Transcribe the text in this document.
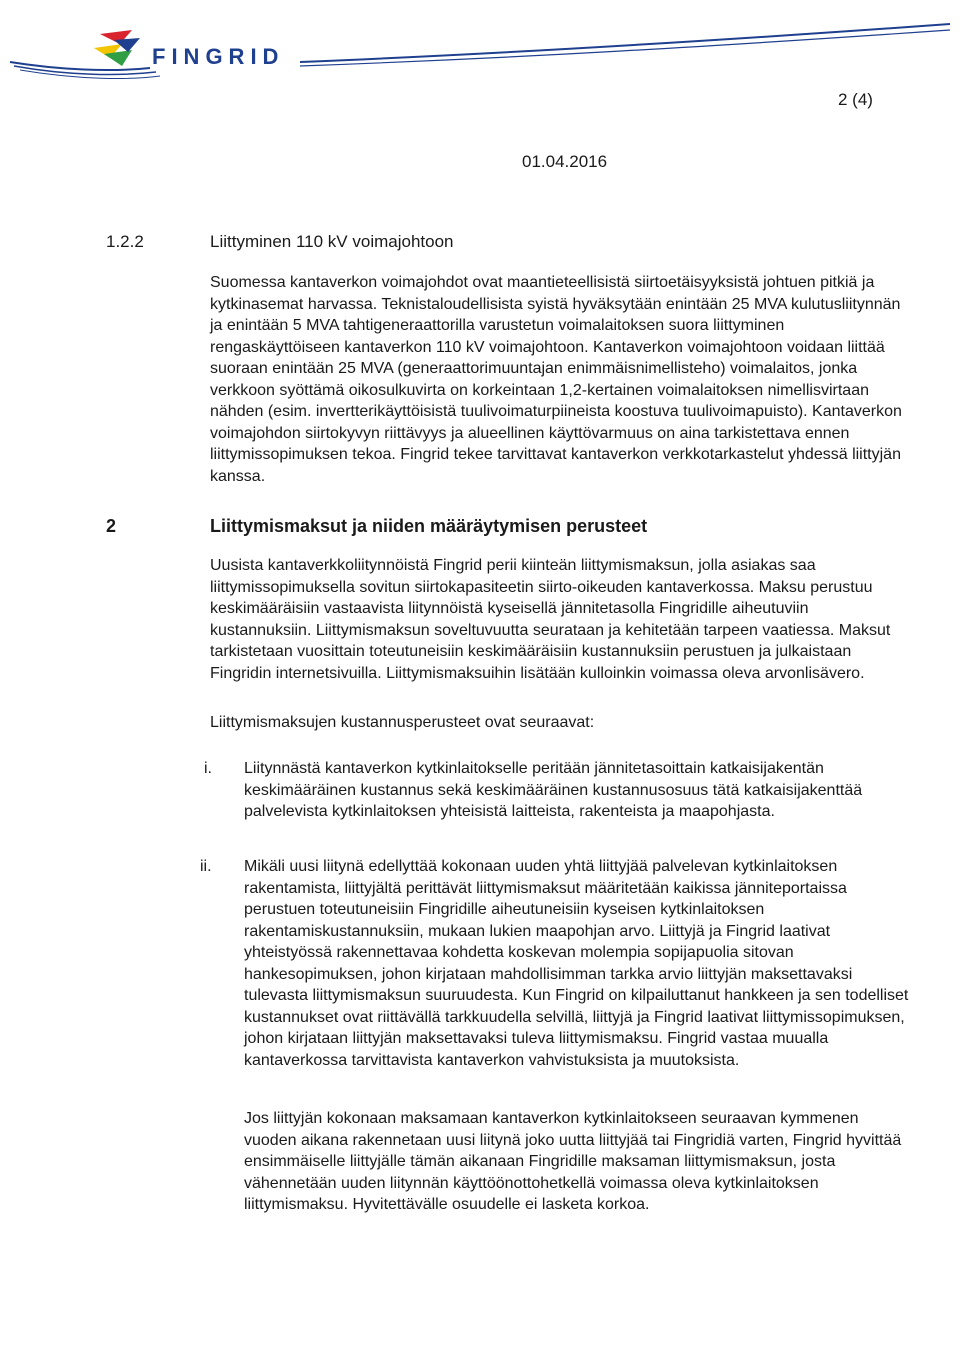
FINGRID
2 (4)
01.04.2016
1.2.2	Liittyminen 110 kV voimajohtoon

Suomessa kantaverkon voimajohdot ovat maantieteellisistä siirtoetäisyyksistä johtuen pitkiä ja kytkinasemat harvassa. Teknistaloudellisista syistä hyväksytään enintään 25 MVA kulutusliitynnän ja enintään 5 MVA tahtigeneraattorilla varustetun voimalaitoksen suora liittyminen rengaskäyttöiseen kantaverkon 110 kV voimajohtoon. Kantaverkon voimajohtoon voidaan liittää suoraan enintään 25 MVA (generaattorimuuntajan enimmäisnimellisteho) voimalaitos, jonka verkkoon syöttämä oikosulkuvirta on korkeintaan 1,2-kertainen voimalaitoksen nimellisvirtaan nähden (esim. invertterikäyttöisistä tuulivoimaturpiineista koostuva tuulivoimapuisto). Kantaverkon voimajohdon siirtokyvyn riittävyys ja alueellinen käyttövarmuus on aina tarkistettava ennen liittymissopimuksen tekoa. Fingrid tekee tarvittavat kantaverkon verkkotarkastelut yhdessä liittyjän kanssa.

2	Liittymismaksut ja niiden määräytymisen perusteet

Uusista kantaverkkoliitynnöistä Fingrid perii kiinteän liittymismaksun, jolla asiakas saa liittymissopimuksella sovitun siirtokapasiteetin siirto-oikeuden kantaverkossa. Maksu perustuu keskimääräisiin vastaavista liitynnöistä kyseisellä jännitetasolla Fingridille aiheutuviin kustannuksiin. Liittymismaksun soveltuvuutta seurataan ja kehitetään tarpeen vaatiessa. Maksut tarkistetaan vuosittain toteutuneisiin keskimääräisiin kustannuksiin perustuen ja julkaistaan Fingridin internetsivuilla. Liittymismaksuihin lisätään kulloinkin voimassa oleva arvonlisävero.

Liittymismaksujen kustannusperusteet ovat seuraavat:

i. Liitynnästä kantaverkon kytkinlaitokselle peritään jännitetasoittain katkaisijakentän keskimääräinen kustannus sekä keskimääräinen kustannusosuus tätä katkaisijakenttää palvelevista kytkinlaitoksen yhteisistä laitteista, rakenteista ja maapohjasta.

ii. Mikäli uusi liitynä edellyttää kokonaan uuden yhtä liittyjää palvelevan kytkinlaitoksen rakentamista, liittyjältä perittävät liittymismaksut määritetään kaikissa jänniteportaissa perustuen toteutuneisiin Fingridille aiheutuneisiin kyseisen kytkinlaitoksen rakentamiskustannuksiin, mukaan lukien maapohjan arvo. Liittyjä ja Fingrid laativat yhteistyössä rakennettavaa kohdetta koskevan molempia sopijapuolia sitovan hankesopimuksen, johon kirjataan mahdollisimman tarkka arvio liittyjän maksettavaksi tulevasta liittymismaksun suuruudesta. Kun Fingrid on kilpailuttanut hankkeen ja sen todelliset kustannukset ovat riittävällä tarkkuudella selvillä, liittyjä ja Fingrid laativat liittymissopimuksen, johon kirjataan liittyjän maksettavaksi tuleva liittymismaksu. Fingrid vastaa muualla kantaverkossa tarvittavista kantaverkon vahvistuksista ja muutoksista.

Jos liittyjän kokonaan maksamaan kantaverkon kytkinlaitokseen seuraavan kymmenen vuoden aikana rakennetaan uusi liitynä joko uutta liittyjää tai Fingridiä varten, Fingrid hyvittää ensimmäiselle liittyjälle tämän aikanaan Fingridille maksaman liittymismaksun, josta vähennetään uuden liitynnän käyttöönottohetkellä voimassa oleva kytkinlaitoksen liittymismaksu. Hyvitettävälle osuudelle ei lasketa korkoa.
